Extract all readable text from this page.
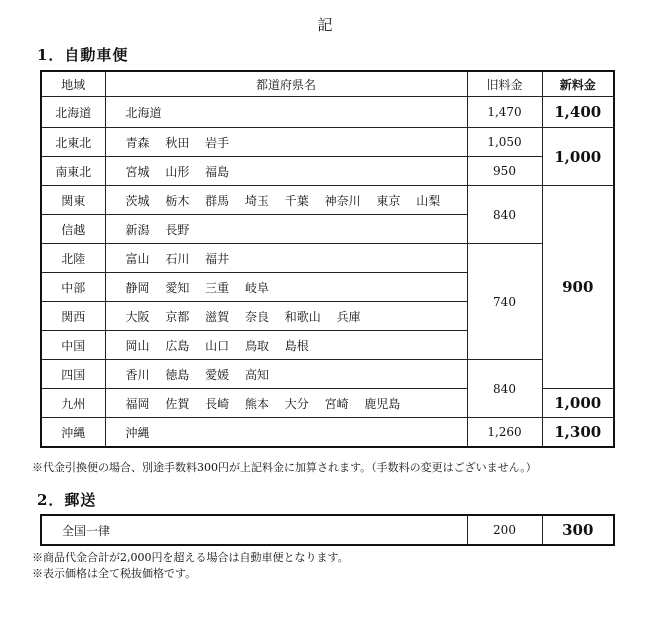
記
1．自動車便
地域	都道府県名	旧料金	新料金
北海道	北海道	1,470	1,400
北東北	青森 秋田 岩手	1,050	1,000
南東北	宮城 山形 福島	950	
関東	茨城 栃木 群馬 埼玉 千葉 神奈川 東京 山梨	840	900
信越	新潟 長野		
北陸	富山 石川 福井	740	
中部	静岡 愛知 三重 岐阜		
関西	大阪 京都 滋賀 奈良 和歌山 兵庫		
中国	岡山 広島 山口 鳥取 島根		
四国	香川 徳島 愛媛 高知	840	
九州	福岡 佐賀 長崎 熊本 大分 宮崎 鹿児島		1,000
沖縄	沖縄	1,260	1,300
※代金引換便の場合、別途手数料300円が上記料金に加算されます。（手数料の変更はございません。）
2．郵送
全国一律	200	300
※商品代金合計が2,000円を超える場合は自動車便となります。
※表示価格は全て税抜価格です。
